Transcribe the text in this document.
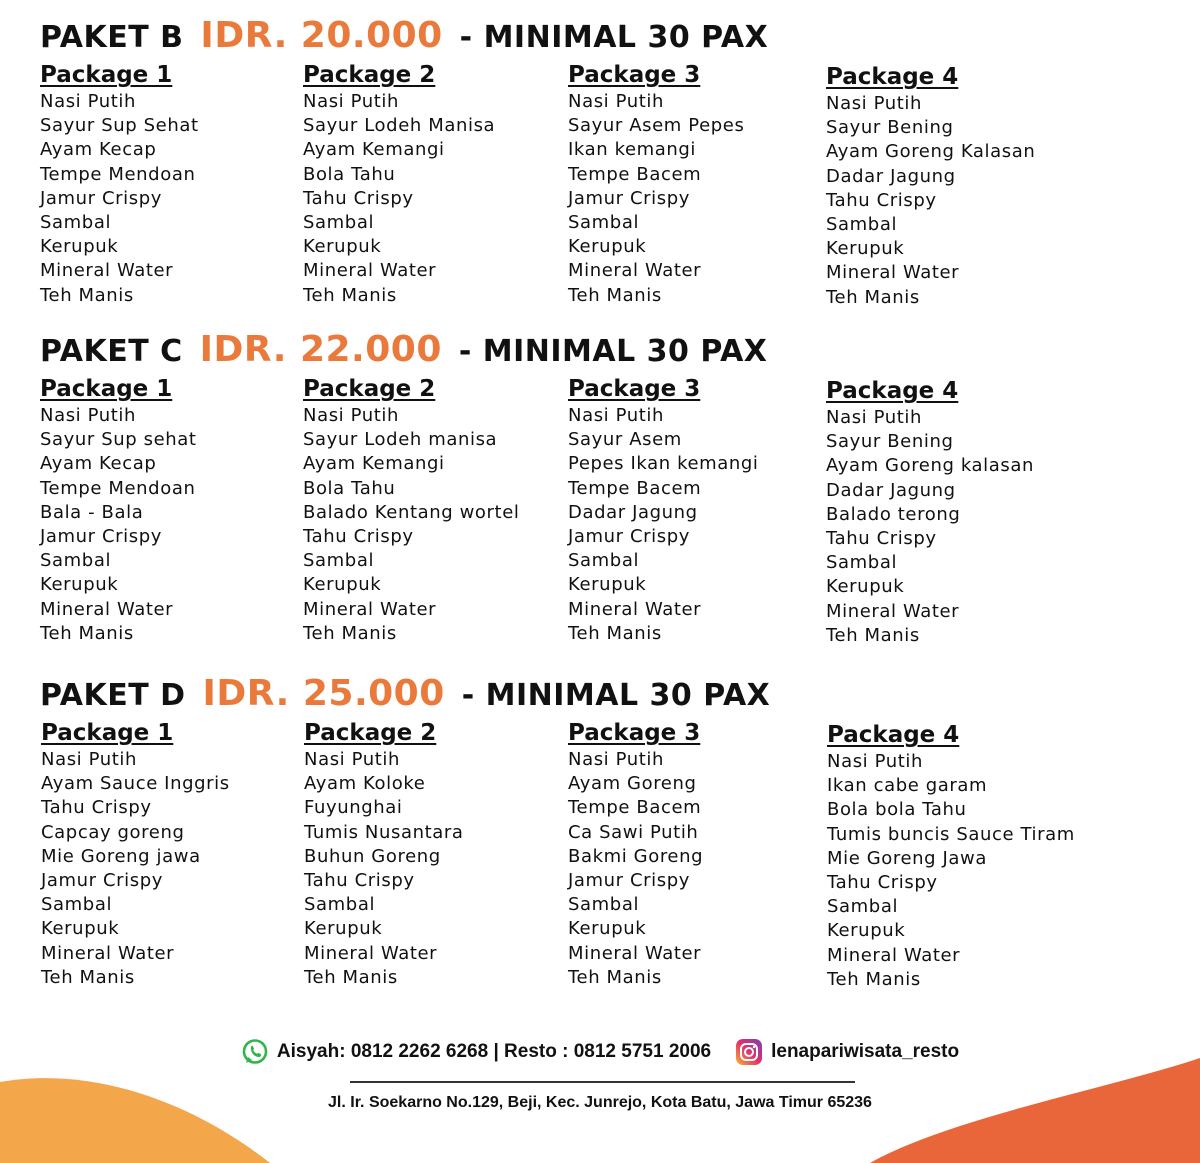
PAKET B IDR. 20.000 - MINIMAL 30 PAX
Package 1
Nasi Putih
Sayur Sup Sehat
Ayam Kecap
Tempe Mendoan
Jamur Crispy
Sambal
Kerupuk
Mineral Water
Teh Manis
Package 2
Nasi Putih
Sayur Lodeh Manisa
Ayam Kemangi
Bola Tahu
Tahu Crispy
Sambal
Kerupuk
Mineral Water
Teh Manis
Package 3
Nasi Putih
Sayur Asem Pepes
Ikan kemangi
Tempe Bacem
Jamur Crispy
Sambal
Kerupuk
Mineral Water
Teh Manis
Package 4
Nasi Putih
Sayur Bening
Ayam Goreng Kalasan
Dadar Jagung
Tahu Crispy
Sambal
Kerupuk
Mineral Water
Teh Manis
PAKET C IDR. 22.000 - MINIMAL 30 PAX
Package 1
Nasi Putih
Sayur Sup sehat
Ayam Kecap
Tempe Mendoan
Bala - Bala
Jamur Crispy
Sambal
Kerupuk
Mineral Water
Teh Manis
Package 2
Nasi Putih
Sayur Lodeh manisa
Ayam Kemangi
Bola Tahu
Balado Kentang wortel
Tahu Crispy
Sambal
Kerupuk
Mineral Water
Teh Manis
Package 3
Nasi Putih
Sayur Asem
Pepes Ikan kemangi
Tempe Bacem
Dadar Jagung
Jamur Crispy
Sambal
Kerupuk
Mineral Water
Teh Manis
Package 4
Nasi Putih
Sayur Bening
Ayam Goreng kalasan
Dadar Jagung
Balado terong
Tahu Crispy
Sambal
Kerupuk
Mineral Water
Teh Manis
PAKET D IDR. 25.000 - MINIMAL 30 PAX
Package 1
Nasi Putih
Ayam Sauce Inggris
Tahu Crispy
Capcay goreng
Mie Goreng jawa
Jamur Crispy
Sambal
Kerupuk
Mineral Water
Teh Manis
Package 2
Nasi Putih
Ayam Koloke
Fuyunghai
Tumis Nusantara
Buhun Goreng
Tahu Crispy
Sambal
Kerupuk
Mineral Water
Teh Manis
Package 3
Nasi Putih
Ayam Goreng
Tempe Bacem
Ca Sawi Putih
Bakmi Goreng
Jamur Crispy
Sambal
Kerupuk
Mineral Water
Teh Manis
Package 4
Nasi Putih
Ikan cabe garam
Bola bola Tahu
Tumis buncis Sauce Tiram
Mie Goreng Jawa
Tahu Crispy
Sambal
Kerupuk
Mineral Water
Teh Manis
Aisyah: 0812 2262 6268 | Resto : 0812 5751 2006	lenapariwisata_resto
Jl. Ir. Soekarno No.129, Beji, Kec. Junrejo, Kota Batu, Jawa Timur 65236
